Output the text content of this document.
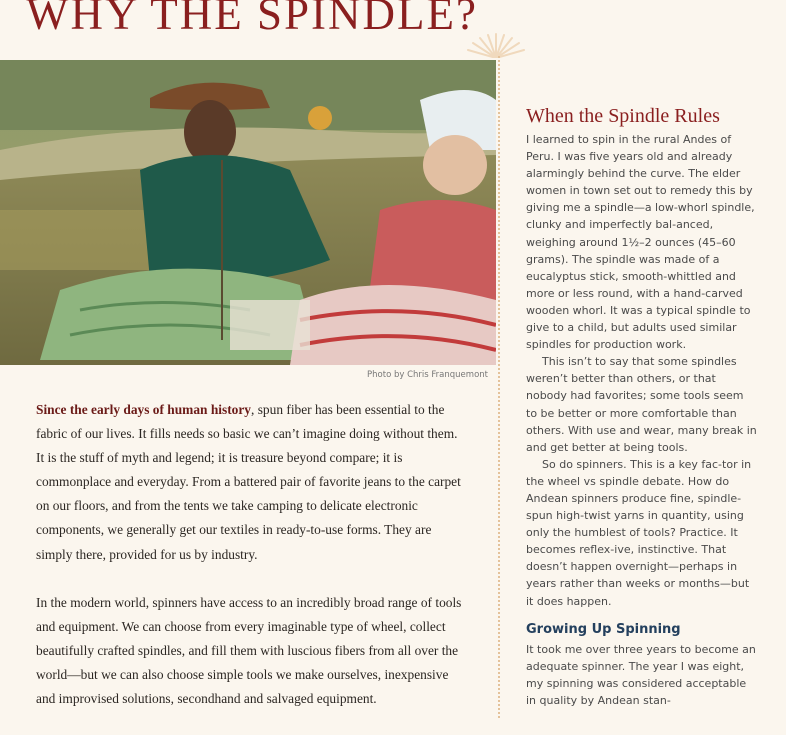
WHY THE SPINDLE?
Photo by Chris Franquemont

Since the early days of human history, spun fiber has been essential to the fabric of our lives. It fills needs so basic we can’t imagine doing without them. It is the stuff of myth and legend; it is treasure beyond compare; it is commonplace and everyday. From a battered pair of favorite jeans to the carpet on our floors, and from the tents we take camping to delicate electronic components, we generally get our textiles in ready-to-use forms. They are simply there, provided for us by industry.

In the modern world, spinners have access to an incredibly broad range of tools and equipment. We can choose from every imaginable type of wheel, collect beautifully crafted spindles, and fill them with luscious fibers from all over the world—but we can also choose simple tools we make ourselves, inexpensive and improvised solutions, secondhand and salvaged equipment.

When the Spindle Rules

I learned to spin in the rural Andes of Peru. I was five years old and already alarmingly behind the curve. The elder women in town set out to remedy this by giving me a spindle—a low-whorl spindle, clunky and imperfectly bal-anced, weighing around 1½–2 ounces (45–60 grams). The spindle was made of a eucalyptus stick, smooth-whittled and more or less round, with a hand-carved wooden whorl. It was a typical spindle to give to a child, but adults used similar spindles for production work.

This isn’t to say that some spindles weren’t better than others, or that nobody had favorites; some tools seem to be better or more comfortable than others. With use and wear, many break in and get better at being tools.

So do spinners. This is a key fac-tor in the wheel vs spindle debate. How do Andean spinners produce fine, spindle-spun high-twist yarns in quantity, using only the humblest of tools? Practice. It becomes reflex-ive, instinctive. That doesn’t happen overnight—perhaps in years rather than weeks or months—but it does happen.

Growing Up Spinning

It took me over three years to become an adequate spinner. The year I was eight, my spinning was considered acceptable in quality by Andean stan-
